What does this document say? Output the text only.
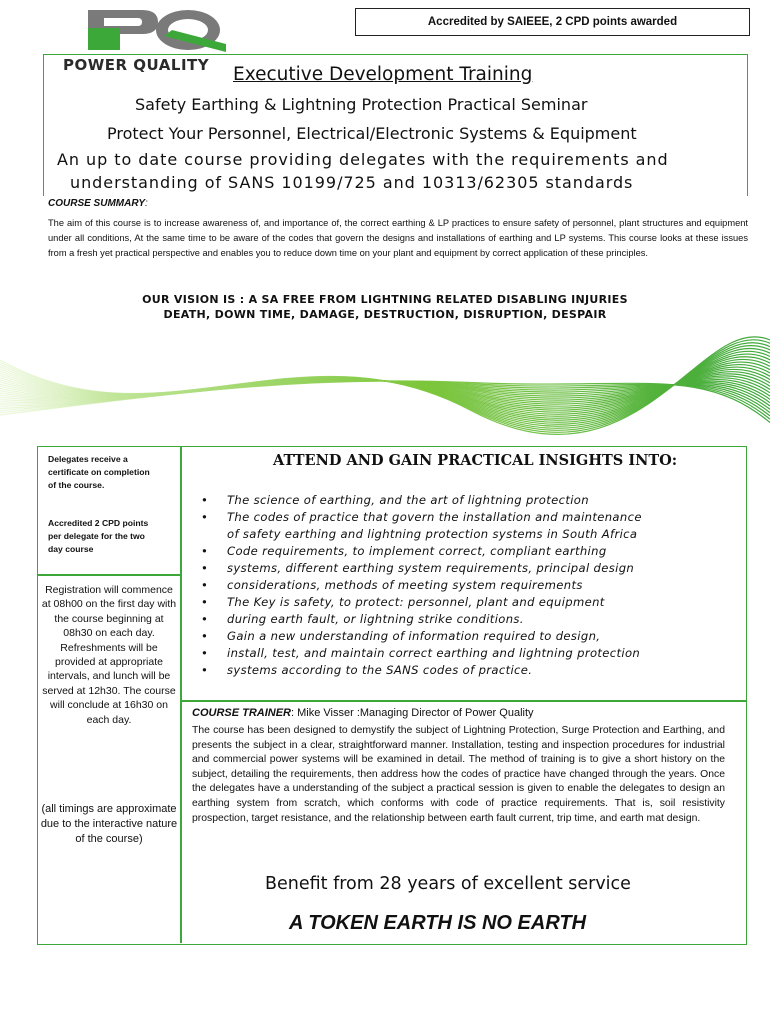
POWER QUALITY
Accredited by SAIEEE, 2 CPD points awarded
Executive Development Training
Safety Earthing & Lightning Protection Practical Seminar
Protect Your Personnel, Electrical/Electronic Systems & Equipment
An up to date course providing delegates with the requirements and
understanding of SANS 10199/725 and 10313/62305 standards
COURSE SUMMARY:
The aim of this course is to increase awareness of, and importance of, the correct earthing & LP practices to ensure safety of personnel, plant structures and equipment under all conditions, At the same time to be aware of the codes that govern the designs and installations of earthing and LP systems. This course looks at these issues from a fresh yet practical perspective and enables you to reduce down time on your plant and equipment by correct application of these principles.
OUR VISION IS : A SA FREE FROM LIGHTNING RELATED DISABLING INJURIES
DEATH, DOWN TIME, DAMAGE, DESTRUCTION, DISRUPTION, DESPAIR
Delegates receive a certificate on completion of the course.
Accredited 2 CPD points per delegate for the two day course
Registration will commence at 08h00 on the first day with the course beginning at 08h30 on each day. Refreshments will be provided at appropriate intervals, and lunch will be served at 12h30. The course will conclude at 16h30 on each day.
(all timings are approximate due to the interactive nature of the course)
ATTEND AND GAIN PRACTICAL INSIGHTS INTO:
• The science of earthing, and the art of lightning protection
• The codes of practice that govern the installation and maintenance
of safety earthing and lightning protection systems in South Africa
• Code requirements, to implement correct, compliant earthing
• systems, different earthing system requirements, principal design
• considerations, methods of meeting system requirements
• The Key is safety, to protect: personnel, plant and equipment
• during earth fault, or lightning strike conditions.
• Gain a new understanding of information required to design,
• install, test, and maintain correct earthing and lightning protection
• systems according to the SANS codes of practice.
COURSE TRAINER: Mike Visser :Managing Director of Power Quality
The course has been designed to demystify the subject of Lightning Protection, Surge Protection and Earthing, and presents the subject in a clear, straightforward manner. Installation, testing and inspection procedures for industrial and commercial power systems will be examined in detail. The method of training is to give a short history on the subject, detailing the requirements, then address how the codes of practice have changed through the years. Once the delegates have a understanding of the subject a practical session is given to enable the delegates to design an earthing system from scratch, which conforms with code of practice requirements. That is, soil resistivity prospection, target resistance, and the relationship between earth fault current, trip time, and earth mat design.
Benefit from 28 years of excellent service
A TOKEN EARTH IS NO EARTH
